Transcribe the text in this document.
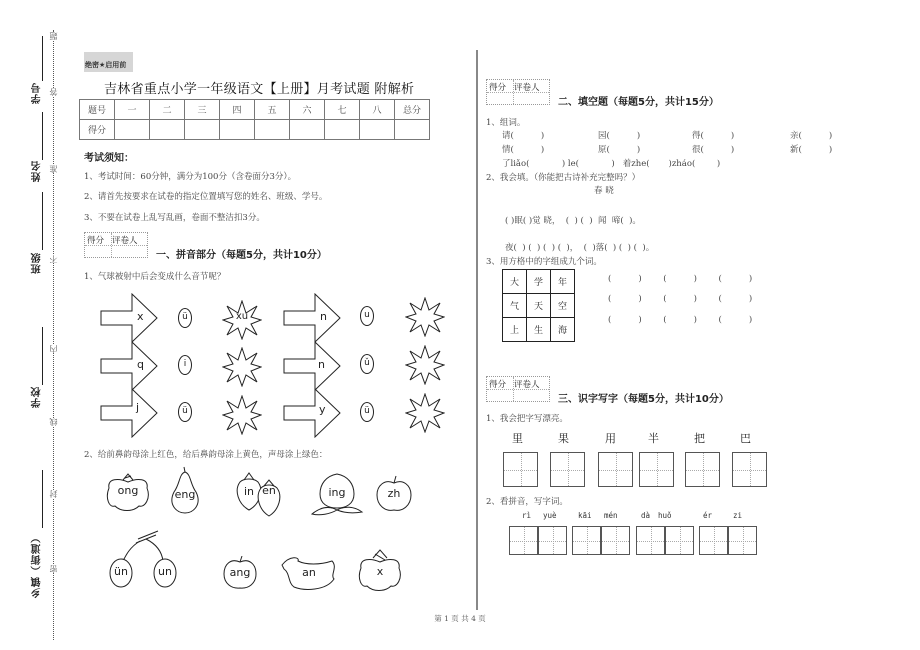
学号
姓名
班级
学校
乡镇（街道）
题
答
准
不
内
线
封
密
绝密★启用前
吉林省重点小学一年级语文【上册】月考试题 附解析
题号	一	二	三	四	五	六	七	八	总分
得分									
考试须知：
1、考试时间：60分钟，满分为100分（含卷面分3分）。
2、请首先按要求在试卷的指定位置填写您的姓名、班级、学号。
3、不要在试卷上乱写乱画，卷面不整洁扣3分。
得分 评卷人
一、拼音部分（每题5分，共计10分）
1、气球被射中后会变成什么音节呢？
x	ü	xu
q	i
j	ü
n	u
n	ǔ
y	ü
2、给前鼻韵母涂上红色，给后鼻韵母涂上黄色，声母涂上绿色：
ong	eng	in en	ing	zh
ün	un	ang	an	x
得分 评卷人
二、填空题（每题5分，共计15分）
1、组词。
请(          )	园(          )	得(          )	亲(          )
情(          )	原(          )	很(          )	新(          )
了liǎo(            ) le(            )   着zhe(       )zháo(        )
2、我会填。（你能把古诗补充完整吗？）
春 晓
( )眠( )觉 晓，  (  ) (  )  闻  啼(  )。
夜(  ) (  ) (  ) (  )，  (  )落(  ) (  ) (  )。
3、用方格中的字组成九个词。
大	学	年
气	天	空
上	生	海
(          )        (          )        (          )
(          )        (          )        (          )
(          )        (          )        (          )
得分 评卷人
三、识字写字（每题5分，共计10分）
1、我会把字写漂亮。
里	果	用	半	把	巴
2、看拼音，写字词。
rì yuè	kāi mén	dà huǒ	ér	zi
第 1 页 共 4 页
